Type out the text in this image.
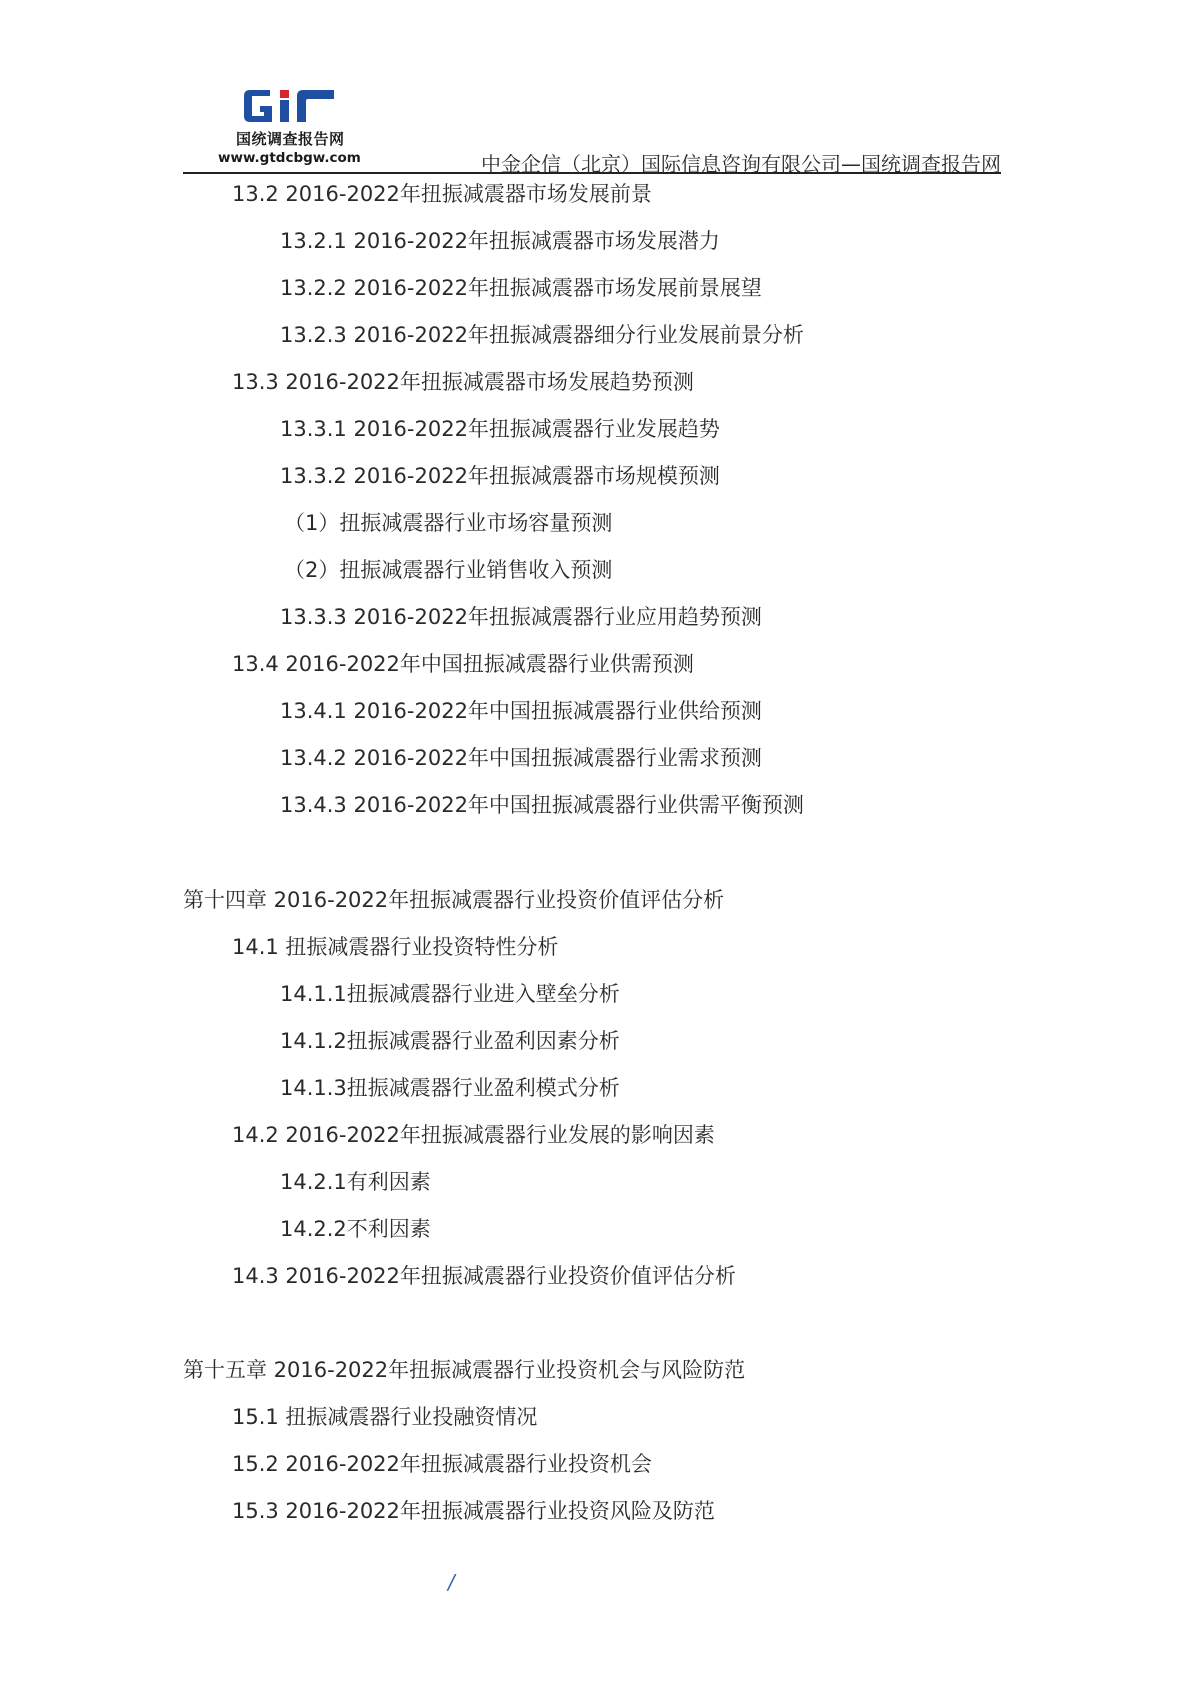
国统调查报告网
www.gtdcbgw.com	中金企信（北京）国际信息咨询有限公司—国统调查报告网
13.2 2016-2022年扭振减震器市场发展前景
13.2.1 2016-2022年扭振减震器市场发展潜力
13.2.2 2016-2022年扭振减震器市场发展前景展望
13.2.3 2016-2022年扭振减震器细分行业发展前景分析
13.3 2016-2022年扭振减震器市场发展趋势预测
13.3.1 2016-2022年扭振减震器行业发展趋势
13.3.2 2016-2022年扭振减震器市场规模预测
（1）扭振减震器行业市场容量预测
（2）扭振减震器行业销售收入预测
13.3.3 2016-2022年扭振减震器行业应用趋势预测
13.4 2016-2022年中国扭振减震器行业供需预测
13.4.1 2016-2022年中国扭振减震器行业供给预测
13.4.2 2016-2022年中国扭振减震器行业需求预测
13.4.3 2016-2022年中国扭振减震器行业供需平衡预测
第十四章 2016-2022年扭振减震器行业投资价值评估分析
14.1 扭振减震器行业投资特性分析
14.1.1扭振减震器行业进入壁垒分析
14.1.2扭振减震器行业盈利因素分析
14.1.3扭振减震器行业盈利模式分析
14.2 2016-2022年扭振减震器行业发展的影响因素
14.2.1有利因素
14.2.2不利因素
14.3 2016-2022年扭振减震器行业投资价值评估分析
第十五章 2016-2022年扭振减震器行业投资机会与风险防范
15.1 扭振减震器行业投融资情况
15.2 2016-2022年扭振减震器行业投资机会
15.3 2016-2022年扭振减震器行业投资风险及防范
/
